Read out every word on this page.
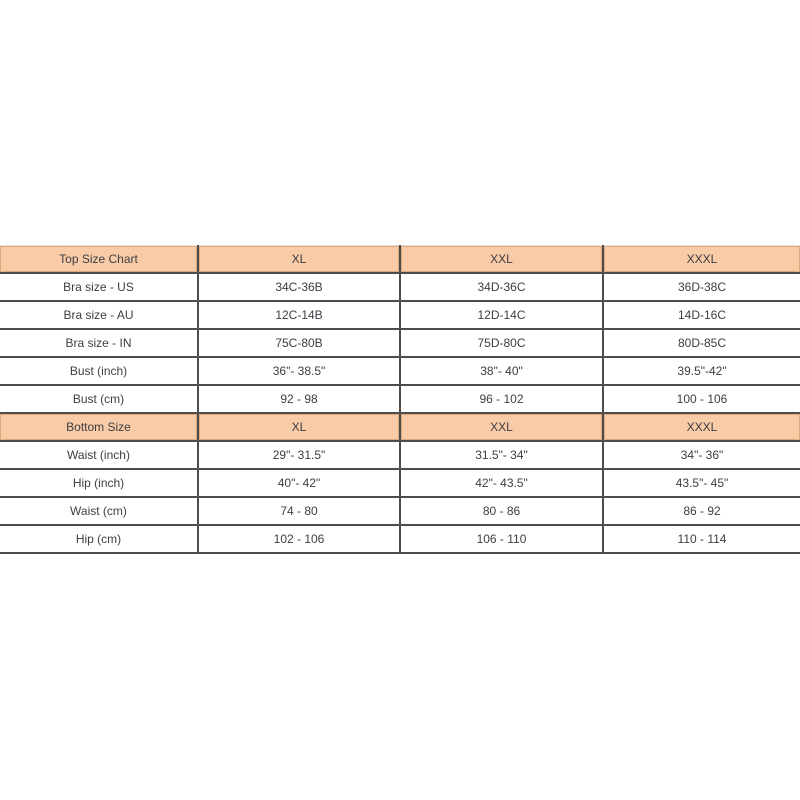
Top Size Chart	XL	XXL	XXXL
Bra size - US	34C-36B	34D-36C	36D-38C
Bra size - AU	12C-14B	12D-14C	14D-16C
Bra size - IN	75C-80B	75D-80C	80D-85C
Bust (inch)	36"- 38.5"	38"- 40"	39.5"-42"
Bust (cm)	92 - 98	96 - 102	100 - 106
Bottom Size	XL	XXL	XXXL
Waist (inch)	29"- 31.5"	31.5"- 34"	34"- 36"
Hip (inch)	40"- 42"	42"- 43.5"	43.5"- 45"
Waist (cm)	74 - 80	80 - 86	86 - 92
Hip (cm)	102 - 106	106 - 110	110 - 114
